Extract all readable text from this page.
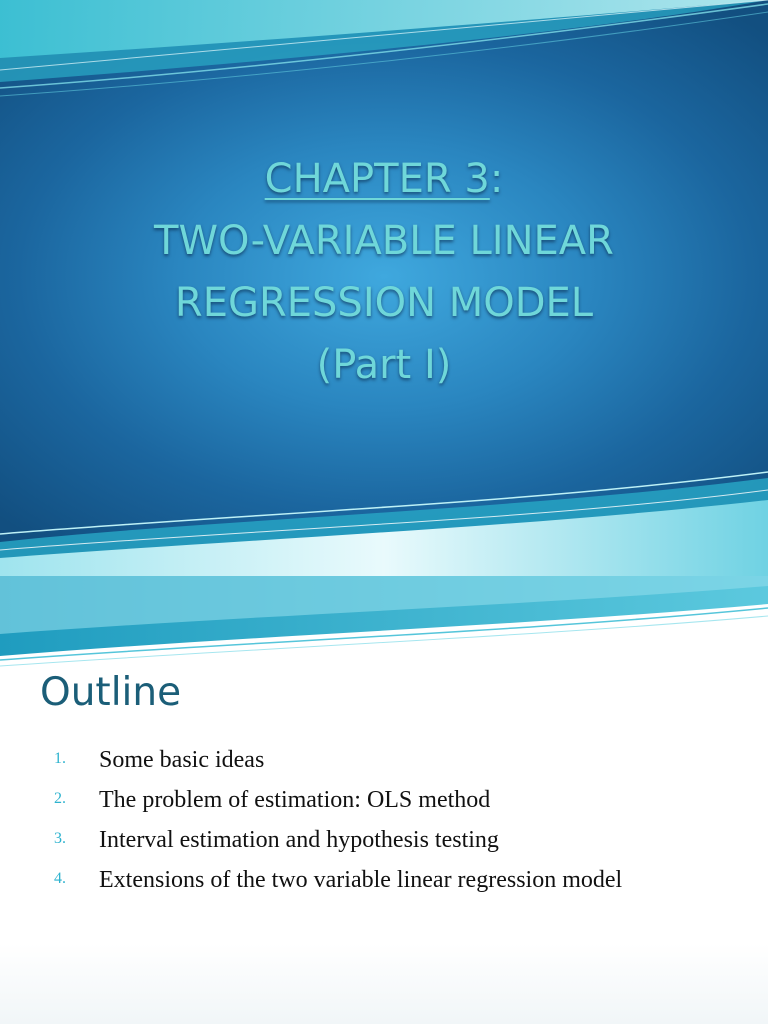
CHAPTER 3:
TWO-VARIABLE LINEAR
REGRESSION MODEL
(Part I)
Outline
1.	Some basic ideas
2.	The problem of estimation: OLS method
3.	Interval estimation and hypothesis testing
4.	Extensions of the two variable linear regression model
